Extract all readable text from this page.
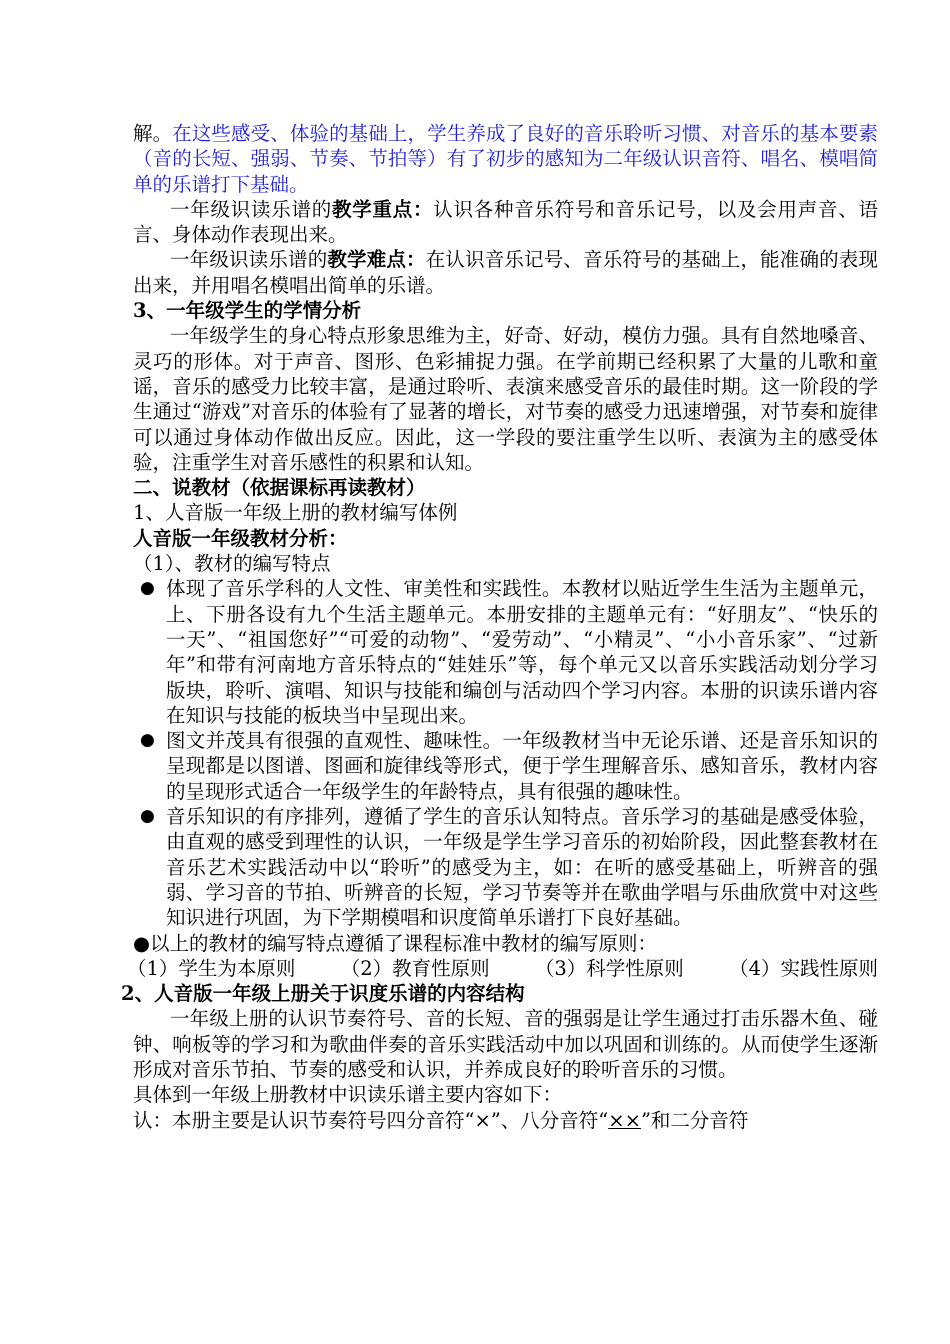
解。在这些感受、体验的基础上，学生养成了良好的音乐聆听习惯、对音乐的基本要素（音的长短、强弱、节奏、节拍等）有了初步的感知为二年级认识音符、唱名、模唱简单的乐谱打下基础。

一年级识读乐谱的教学重点：认识各种音乐符号和音乐记号，以及会用声音、语言、身体动作表现出来。

一年级识读乐谱的教学难点：在认识音乐记号、音乐符号的基础上，能准确的表现出来，并用唱名模唱出简单的乐谱。

3、一年级学生的学情分析

一年级学生的身心特点形象思维为主，好奇、好动，模仿力强。具有自然地嗓音、灵巧的形体。对于声音、图形、色彩捕捉力强。在学前期已经积累了大量的儿歌和童谣，音乐的感受力比较丰富，是通过聆听、表演来感受音乐的最佳时期。这一阶段的学生通过“游戏”对音乐的体验有了显著的增长，对节奏的感受力迅速增强，对节奏和旋律可以通过身体动作做出反应。因此，这一学段的要注重学生以听、表演为主的感受体验，注重学生对音乐感性的积累和认知。

二、说教材（依据课标再读教材）

1、人音版一年级上册的教材编写体例

人音版一年级教材分析：

（1）、教材的编写特点

● 体现了音乐学科的人文性、审美性和实践性。本教材以贴近学生生活为主题单元，上、下册各设有九个生活主题单元。本册安排的主题单元有：“好朋友”、“快乐的一天”、“祖国您好”“可爱的动物”、“爱劳动”、“小精灵”、“小小音乐家”、“过新年”和带有河南地方音乐特点的“娃娃乐”等，每个单元又以音乐实践活动划分学习版块，聆听、演唱、知识与技能和编创与活动四个学习内容。本册的识读乐谱内容在知识与技能的板块当中呈现出来。
● 图文并茂具有很强的直观性、趣味性。一年级教材当中无论乐谱、还是音乐知识的呈现都是以图谱、图画和旋律线等形式，便于学生理解音乐、感知音乐，教材内容的呈现形式适合一年级学生的年龄特点，具有很强的趣味性。
● 音乐知识的有序排列，遵循了学生的音乐认知特点。音乐学习的基础是感受体验，由直观的感受到理性的认识，一年级是学生学习音乐的初始阶段，因此整套教材在音乐艺术实践活动中以“聆听”的感受为主，如：在听的感受基础上，听辨音的强弱、学习音的节拍、听辨音的长短，学习节奏等并在歌曲学唱与乐曲欣赏中对这些知识进行巩固，为下学期模唱和识度简单乐谱打下良好基础。

●以上的教材的编写特点遵循了课程标准中教材的编写原则：

（1）学生为本原则 （2）教育性原则 （3）科学性原则 （4）实践性原则

2、人音版一年级上册关于识度乐谱的内容结构

一年级上册的认识节奏符号、音的长短、音的强弱是让学生通过打击乐器木鱼、碰钟、响板等的学习和为歌曲伴奏的音乐实践活动中加以巩固和训练的。从而使学生逐渐形成对音乐节拍、节奏的感受和认识，并养成良好的聆听音乐的习惯。

具体到一年级上册教材中识读乐谱主要内容如下：

认：本册主要是认识节奏符号四分音符“×”、八分音符“××”和二分音符
